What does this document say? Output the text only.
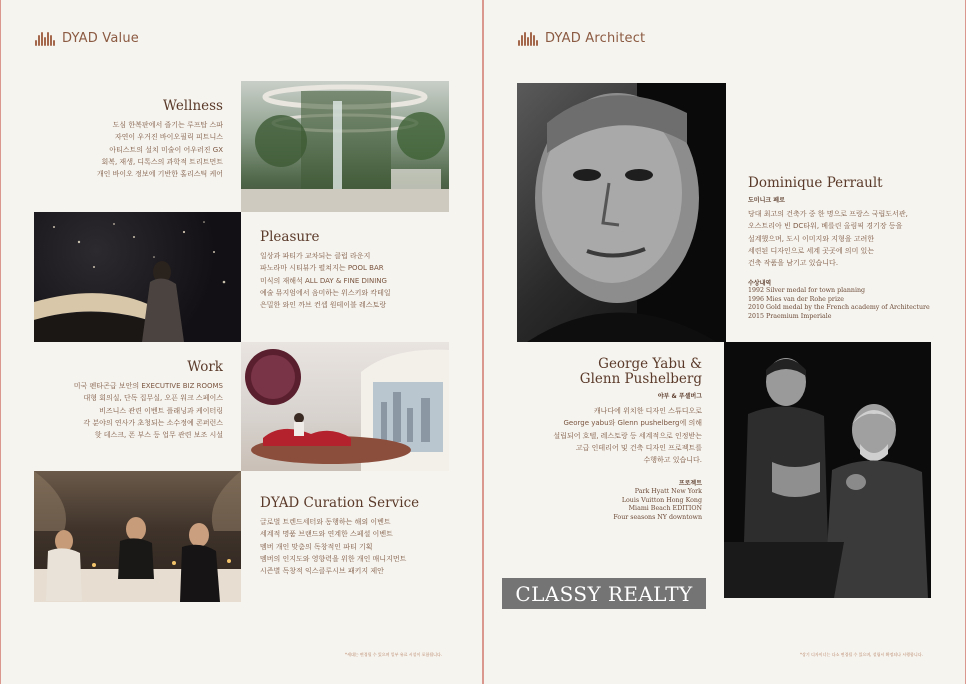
DYAD Value
Wellness
도심 한복판에서 즐기는 루프탑 스파
자연이 우거진 바이오필릭 피트니스
아티스트의 설치 미술이 어우러진 GX
회복, 재생, 디톡스의 과학적 트리트먼트
개인 바이오 정보에 기반한 홀리스틱 케어
Pleasure
일상과 파티가 교차되는 클럽 라운지
파노라마 시티뷰가 펼쳐지는 POOL BAR
미식의 재해석 ALL DAY & FINE DINING
예술 뮤지엄에서 음미하는 위스키와 칵테일
은밀한 와인 까브 컨셉 원테이블 레스토랑
Work
미국 펜타곤급 보안의 EXECUTIVE BIZ ROOMS
대형 회의실, 단독 집무실, 오픈 워크 스페이스
비즈니스 관련 이벤트 플래닝과 케이터링
각 분야의 연사가 초청되는 소수정예 콘퍼런스
핫 데스크, 폰 부스 등 업무 관련 보조 시설
DYAD Curation Service
글로벌 트렌드세터와 동행하는 해외 이벤트
세계적 명품 브랜드와 연계한 스페셜 이벤트
멤버 개인 맞춤의 독창적인 파티 기획
멤버의 인지도와 영향력을 위한 개인 매니지먼트
시즌별 독창적 익스클루시브 패키지 제안
*세대는 변경될 수 있으며 일부 유료 시설이 포함됩니다.
DYAD Architect
Dominique Perrault
도미니크 페로
당대 최고의 건축가 중 한 명으로 프랑스 국립도서관,
오스트리아 빈 DC타워, 베를린 올림픽 경기장 등을
설계했으며, 도시 이미지와 지형을 고려한
세련된 디자인으로 세계 곳곳에 의미 있는
건축 작품을 남기고 있습니다.
수상내역
1992 Silver medal for town planning
1996 Mies van der Rohe prize
2010 Gold medal by the French academy of Architecture
2015 Praemium Imperiale
George Yabu &
Glenn Pushelberg
야부 & 푸셸버그
캐나다에 위치한 디자인 스튜디오로
George yabu와 Glenn pushelberg에 의해
설립되어 호텔, 레스토랑 등 세계적으로 인정받는
고급 인테리어 및 건축 디자인 프로젝트를
수행하고 있습니다.
프로젝트
Park Hyatt New York
Louis Vuitton Hong Kong
Miami Beach EDITION
Four seasons NY downtown
CLASSY REALTY
*상기 디자이너는 다소 변경될 수 있으며, 설립시 확정되나 시행합니다.
